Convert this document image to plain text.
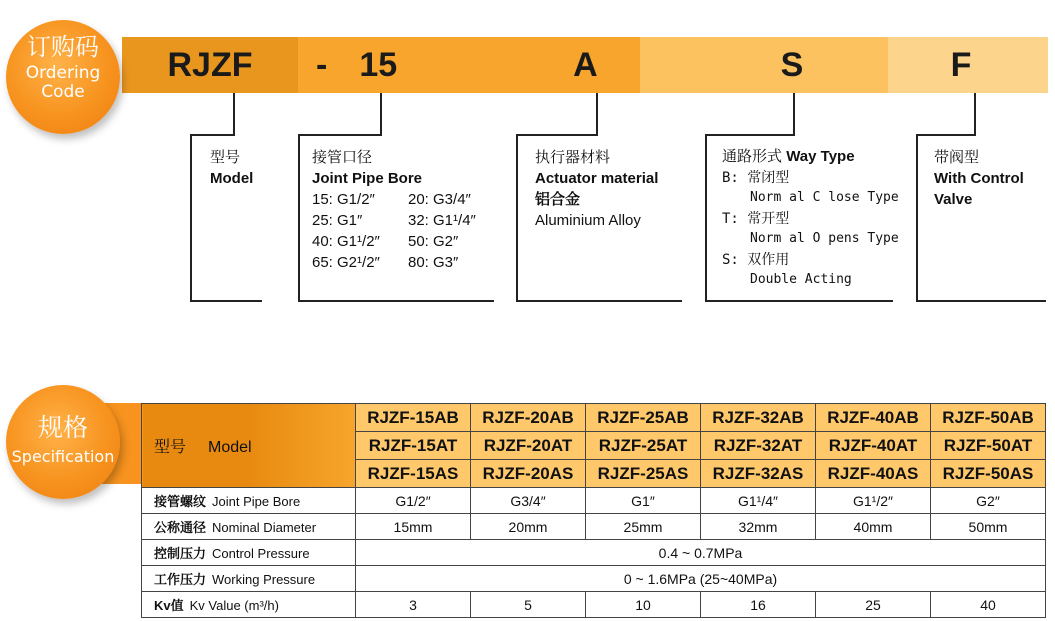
RJZF - 15	A	S	F
订购码
Ordering
Code
型号
Model
接管口径
Joint Pipe Bore
15: G1/2″	20: G3/4″
25: G1″	32: G1¹/4″
40: G1¹/2″	50: G2″
65: G2¹/2″	80: G3″
执行器材料
Actuator material
铝合金
Aluminium Alloy
通路形式 Way Type
B: 常闭型
Norm al C lose Type
T: 常开型
Norm al O pens Type
S: 双作用
Double Acting
带阀型
With Control
Valve
规格
Specification	型号 Model	RJZF-15AB	RJZF-20AB	RJZF-25AB	RJZF-32AB	RJZF-40AB	RJZF-50AB
	RJZF-15AT	RJZF-20AT	RJZF-25AT	RJZF-32AT	RJZF-40AT	RJZF-50AT
	RJZF-15AS	RJZF-20AS	RJZF-25AS	RJZF-32AS	RJZF-40AS	RJZF-50AS
接管螺纹 Joint Pipe Bore	G1/2″	G3/4″	G1″	G1¹/4″	G1¹/2″	G2″
公称通径 Nominal Diameter	15mm	20mm	25mm	32mm	40mm	50mm
控制压力 Control Pressure	0.4 ~ 0.7MPa					
工作压力 Working Pressure	0 ~ 1.6MPa (25~40MPa)					
Kv值 Kv Value (m³/h)	3	5	10	16	25	40
